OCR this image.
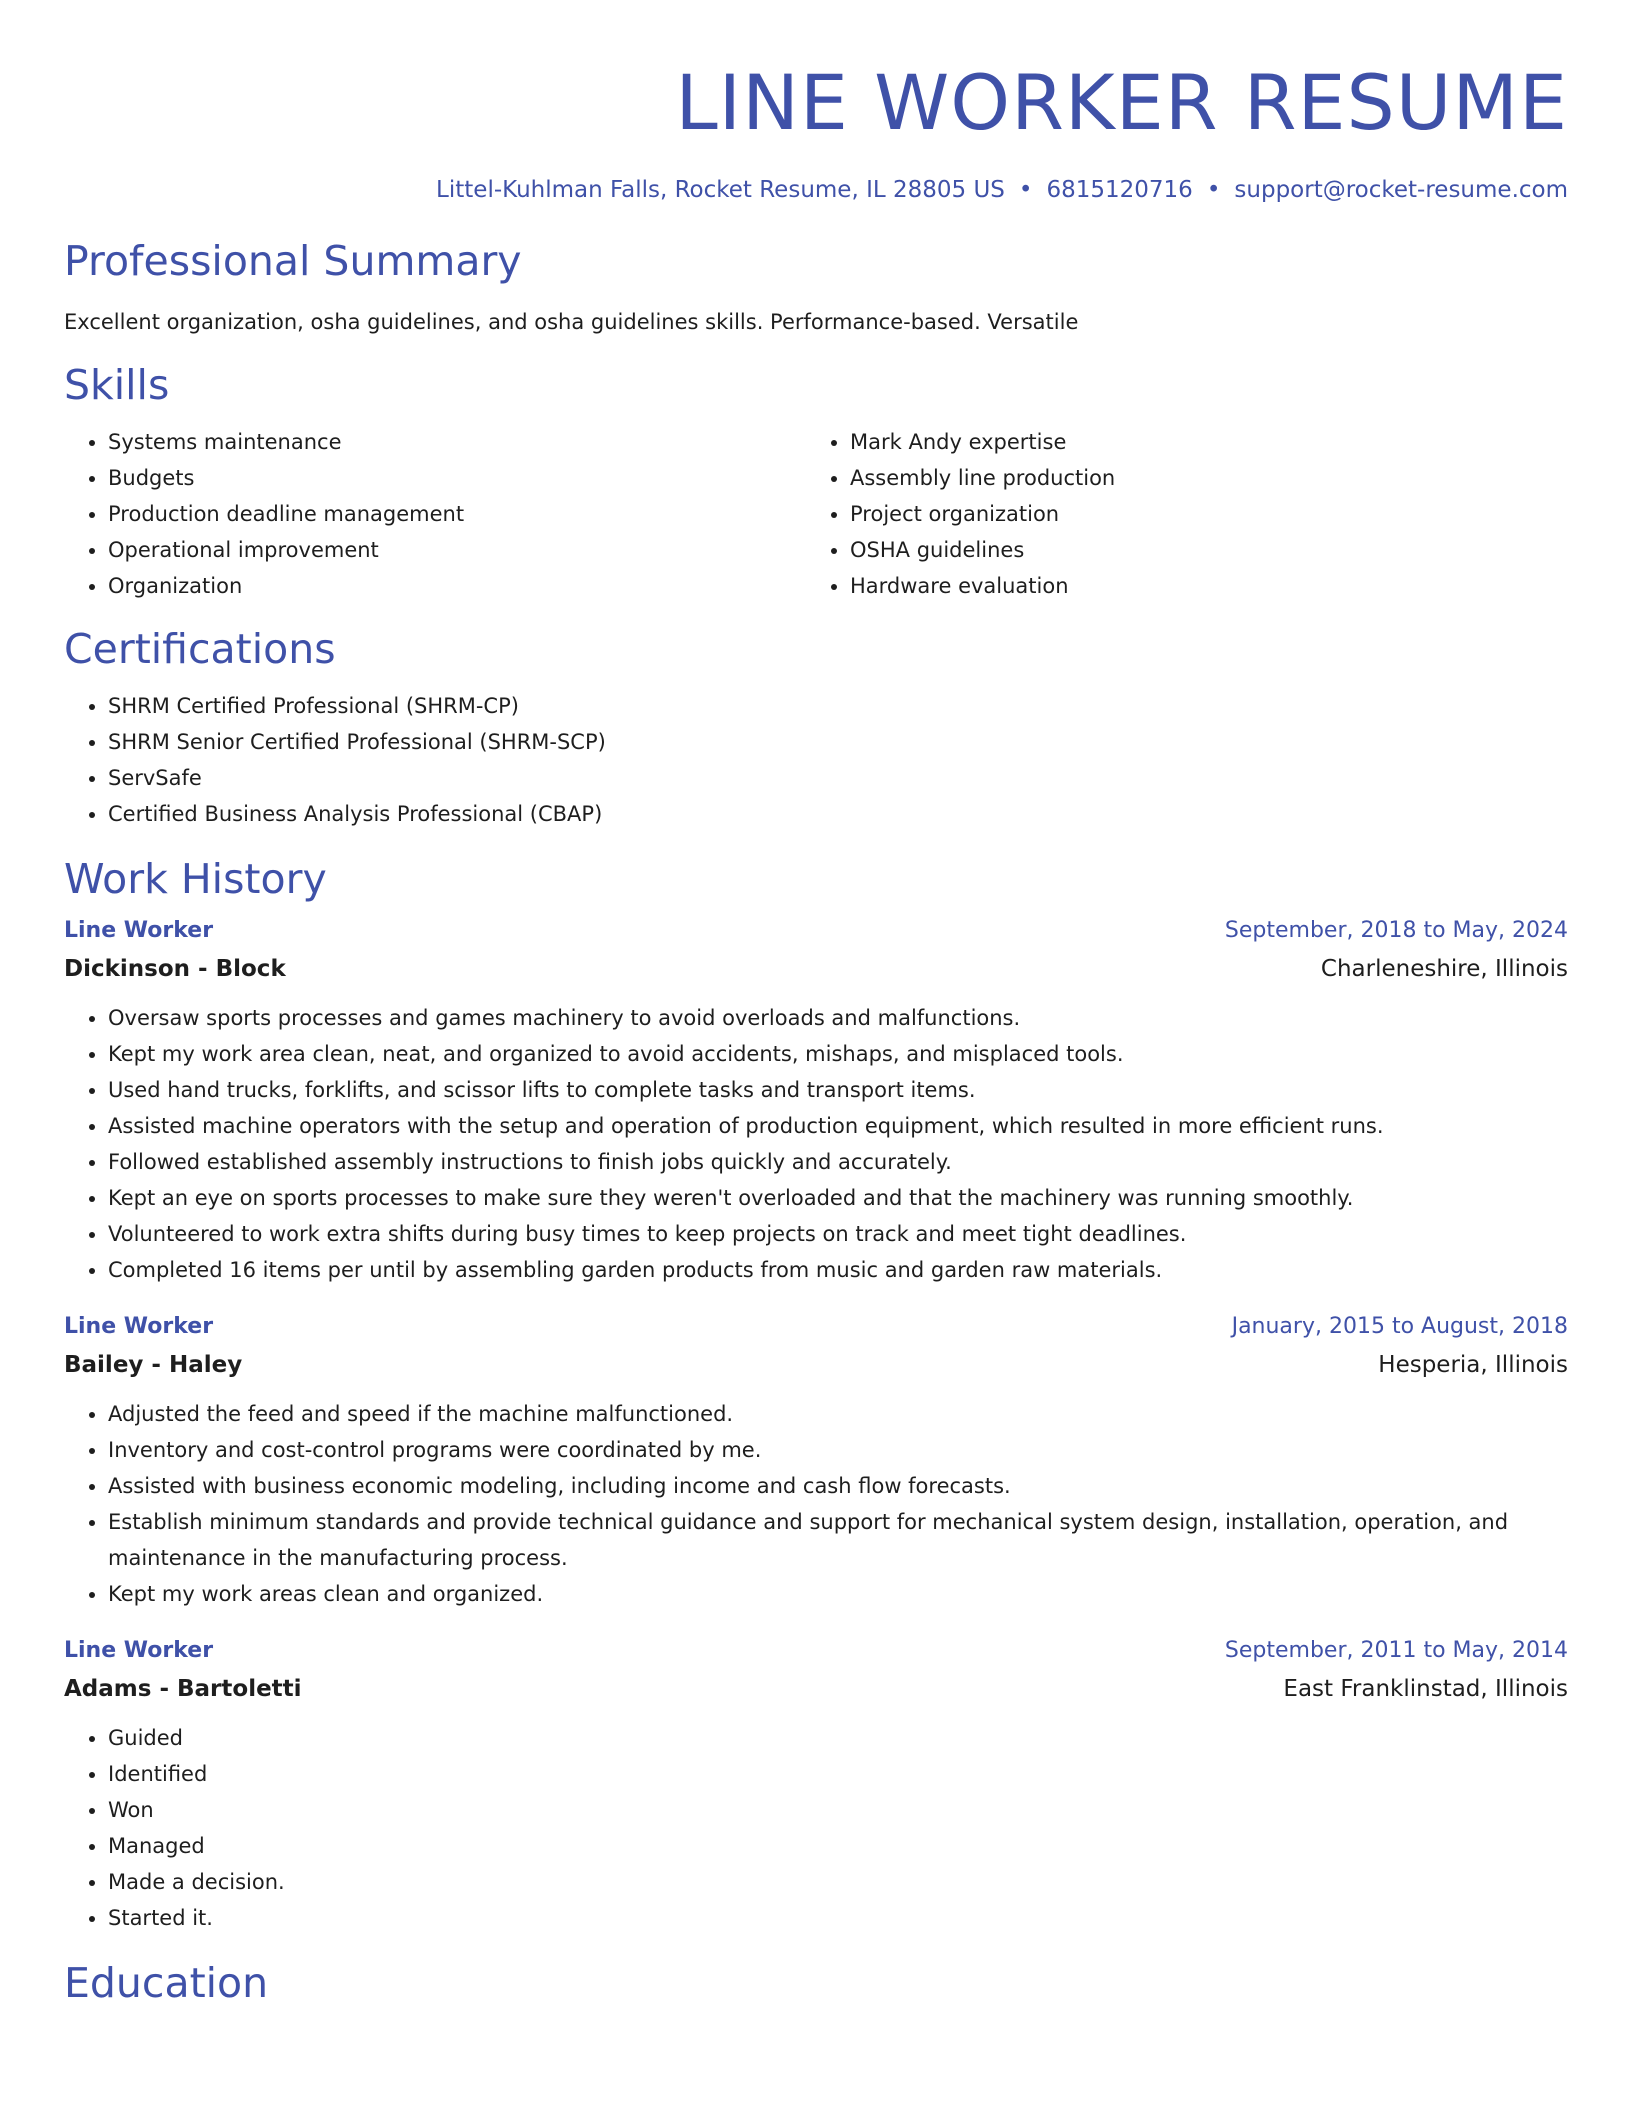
LINE WORKER RESUME
Littel-Kuhlman Falls, Rocket Resume, IL 28805 US • 6815120716 • support@rocket-resume.com
Professional Summary

Excellent organization, osha guidelines, and osha guidelines skills. Performance-based. Versatile

Skills
• Systems maintenance
• Budgets
• Production deadline management
• Operational improvement
• Organization
• Mark Andy expertise
• Assembly line production
• Project organization
• OSHA guidelines
• Hardware evaluation
Certifications
• SHRM Certified Professional (SHRM-CP)
• SHRM Senior Certified Professional (SHRM-SCP)
• ServSafe
• Certified Business Analysis Professional (CBAP)
Work History
Line Worker	September, 2018 to May, 2024
Dickinson - Block	Charleneshire, Illinois
• Oversaw sports processes and games machinery to avoid overloads and malfunctions.
• Kept my work area clean, neat, and organized to avoid accidents, mishaps, and misplaced tools.
• Used hand trucks, forklifts, and scissor lifts to complete tasks and transport items.
• Assisted machine operators with the setup and operation of production equipment, which resulted in more efficient runs.
• Followed established assembly instructions to finish jobs quickly and accurately.
• Kept an eye on sports processes to make sure they weren't overloaded and that the machinery was running smoothly.
• Volunteered to work extra shifts during busy times to keep projects on track and meet tight deadlines.
• Completed 16 items per until by assembling garden products from music and garden raw materials.
Line Worker	January, 2015 to August, 2018
Bailey - Haley	Hesperia, Illinois
• Adjusted the feed and speed if the machine malfunctioned.
• Inventory and cost-control programs were coordinated by me.
• Assisted with business economic modeling, including income and cash flow forecasts.
• Establish minimum standards and provide technical guidance and support for mechanical system design, installation, operation, and maintenance in the manufacturing process.
• Kept my work areas clean and organized.
Line Worker	September, 2011 to May, 2014
Adams - Bartoletti	East Franklinstad, Illinois
• Guided
• Identified
• Won
• Managed
• Made a decision.
• Started it.
Education
